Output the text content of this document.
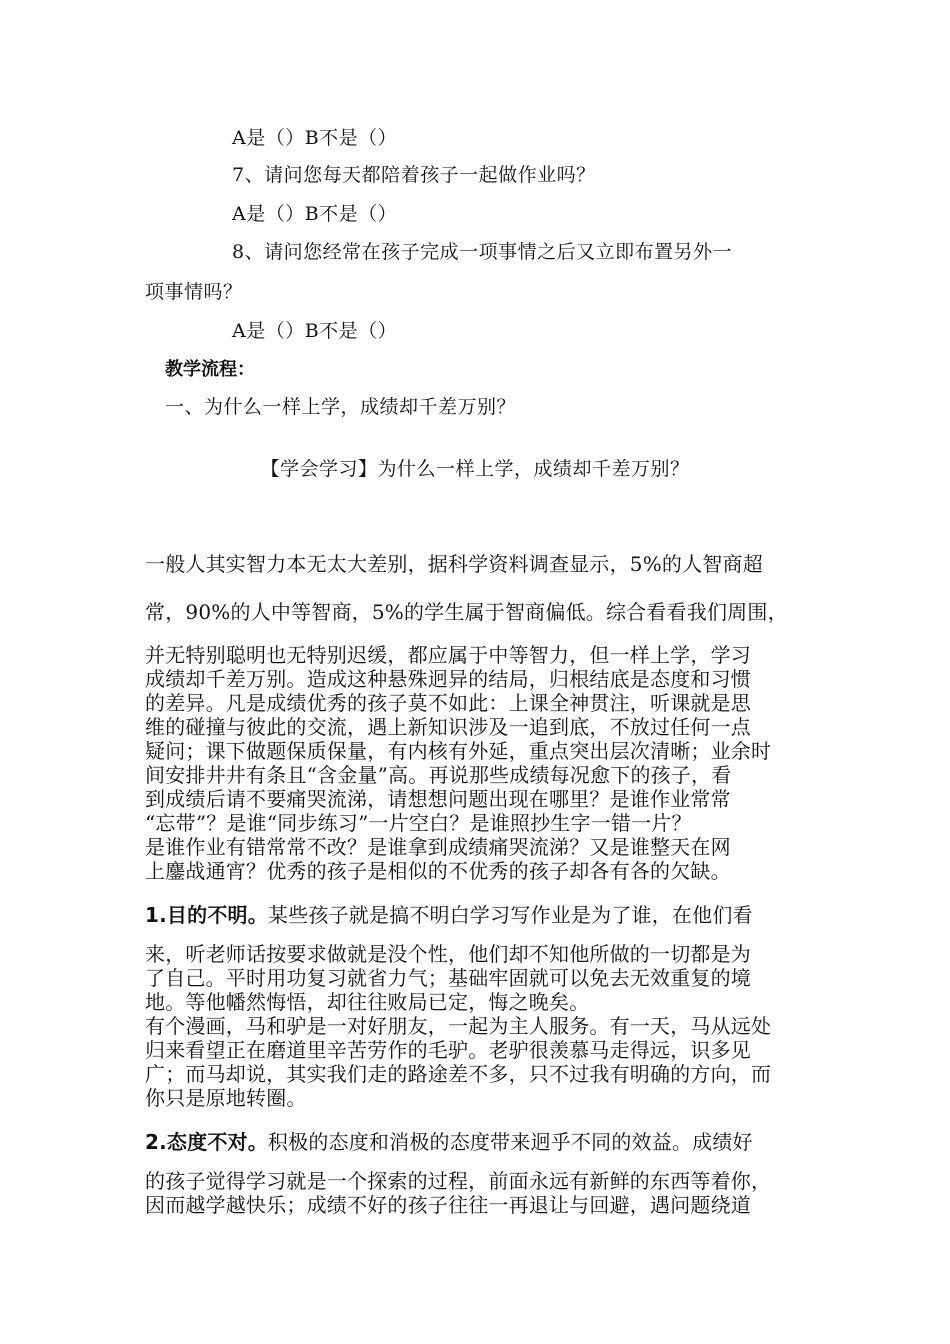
A是（）B不是（）
7、请问您每天都陪着孩子一起做作业吗？
A是（）B不是（）
8、请问您经常在孩子完成一项事情之后又立即布置另外一
项事情吗？
A是（）B不是（）
教学流程：
一、为什么一样上学，成绩却千差万别？
【学会学习】为什么一样上学，成绩却千差万别？
一般人其实智力本无太大差别，据科学资料调查显示，5%的人智商超
常，90%的人中等智商，5%的学生属于智商偏低。综合看看我们周围，
并无特别聪明也无特别迟缓，都应属于中等智力，但一样上学，学习
成绩却千差万别。造成这种悬殊迥异的结局，归根结底是态度和习惯
的差异。凡是成绩优秀的孩子莫不如此：上课全神贯注，听课就是思
维的碰撞与彼此的交流，遇上新知识涉及一追到底，不放过任何一点
疑问；课下做题保质保量，有内核有外延，重点突出层次清晰；业余时
间安排井井有条且“含金量”高。再说那些成绩每况愈下的孩子，看
到成绩后请不要痛哭流涕，请想想问题出现在哪里？是谁作业常常
“忘带”？是谁“同步练习”一片空白？是谁照抄生字一错一片？
是谁作业有错常常不改？是谁拿到成绩痛哭流涕？又是谁整天在网
上鏖战通宵？优秀的孩子是相似的不优秀的孩子却各有各的欠缺。
1.目的不明。某些孩子就是搞不明白学习写作业是为了谁，在他们看
来，听老师话按要求做就是没个性，他们却不知他所做的一切都是为
了自己。平时用功复习就省力气；基础牢固就可以免去无效重复的境
地。等他幡然悔悟，却往往败局已定，悔之晚矣。
有个漫画，马和驴是一对好朋友，一起为主人服务。有一天，马从远处
归来看望正在磨道里辛苦劳作的毛驴。老驴很羡慕马走得远，识多见
广；而马却说，其实我们走的路途差不多，只不过我有明确的方向，而
你只是原地转圈。
2.态度不对。积极的态度和消极的态度带来迥乎不同的效益。成绩好
的孩子觉得学习就是一个探索的过程，前面永远有新鲜的东西等着你，
因而越学越快乐；成绩不好的孩子往往一再退让与回避，遇问题绕道
